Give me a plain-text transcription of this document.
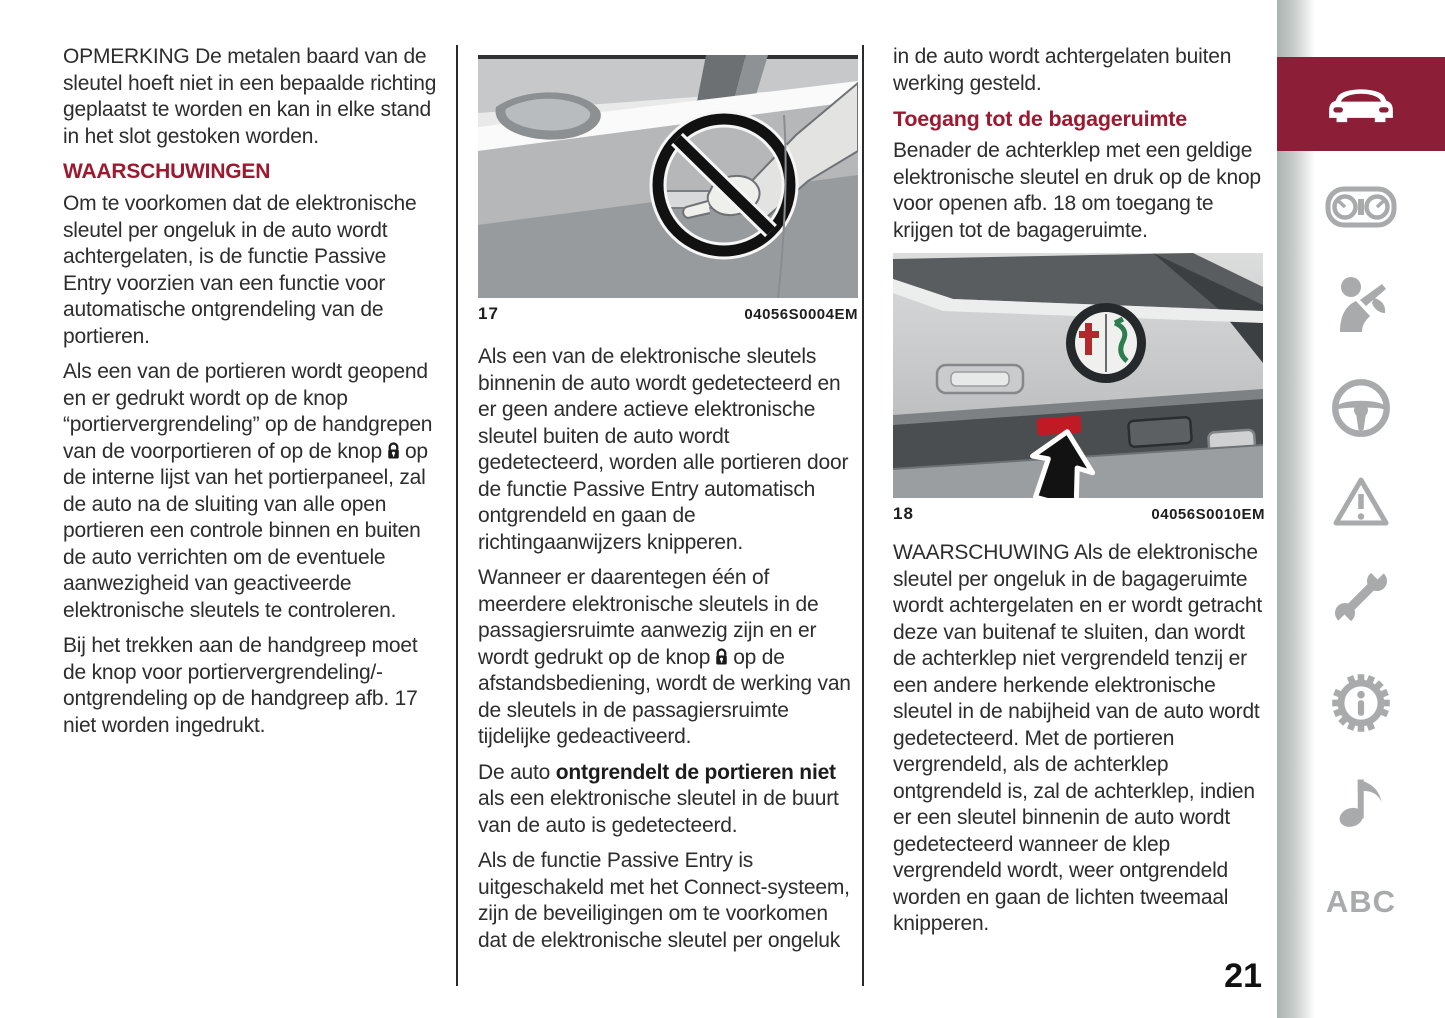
OPMERKING De metalen baard van de sleutel hoeft niet in een bepaalde richting geplaatst te worden en kan in elke stand in het slot gestoken worden.

WAARSCHUWINGEN

Om te voorkomen dat de elektronische sleutel per ongeluk in de auto wordt achtergelaten, is de functie Passive Entry voorzien van een functie voor automatische ontgrendeling van de portieren.

Als een van de portieren wordt geopend en er gedrukt wordt op de knop “portiervergrendeling” op de handgrepen van de voorportieren of op de knop op de interne lijst van het portierpaneel, zal de auto na de sluiting van alle open portieren een controle binnen en buiten de auto verrichten om de eventuele aanwezigheid van geactiveerde elektronische sleutels te controleren.

Bij het trekken aan de handgreep moet de knop voor portiervergrendeling/-ontgrendeling op de handgreep afb. 17 niet worden ingedrukt.

17	04056S0004EM

Als een van de elektronische sleutels binnenin de auto wordt gedetecteerd en er geen andere actieve elektronische sleutel buiten de auto wordt gedetecteerd, worden alle portieren door de functie Passive Entry automatisch ontgrendeld en gaan de richtingaanwijzers knipperen.

Wanneer er daarentegen één of meerdere elektronische sleutels in de passagiersruimte aanwezig zijn en er wordt gedrukt op de knop op de afstandsbediening, wordt de werking van de sleutels in de passagiersruimte tijdelijke gedeactiveerd.

De auto ontgrendelt de portieren niet als een elektronische sleutel in de buurt van de auto is gedetecteerd.

Als de functie Passive Entry is uitgeschakeld met het Connect-systeem, zijn de beveiligingen om te voorkomen dat de elektronische sleutel per ongeluk

in de auto wordt achtergelaten buiten werking gesteld.

Toegang tot de bagageruimte

Benader de achterklep met een geldige elektronische sleutel en druk op de knop voor openen afb. 18 om toegang te krijgen tot de bagageruimte.

18	04056S0010EM

WAARSCHUWING Als de elektronische sleutel per ongeluk in de bagageruimte wordt achtergelaten en er wordt getracht deze van buitenaf te sluiten, dan wordt de achterklep niet vergrendeld tenzij er een andere herkende elektronische sleutel in de nabijheid van de auto wordt gedetecteerd. Met de portieren vergrendeld, als de achterklep ontgrendeld is, zal de achterklep, indien er een sleutel binnenin de auto wordt gedetecteerd wanneer de klep vergrendeld wordt, weer ontgrendeld worden en gaan de lichten tweemaal knipperen.

21
ABC
